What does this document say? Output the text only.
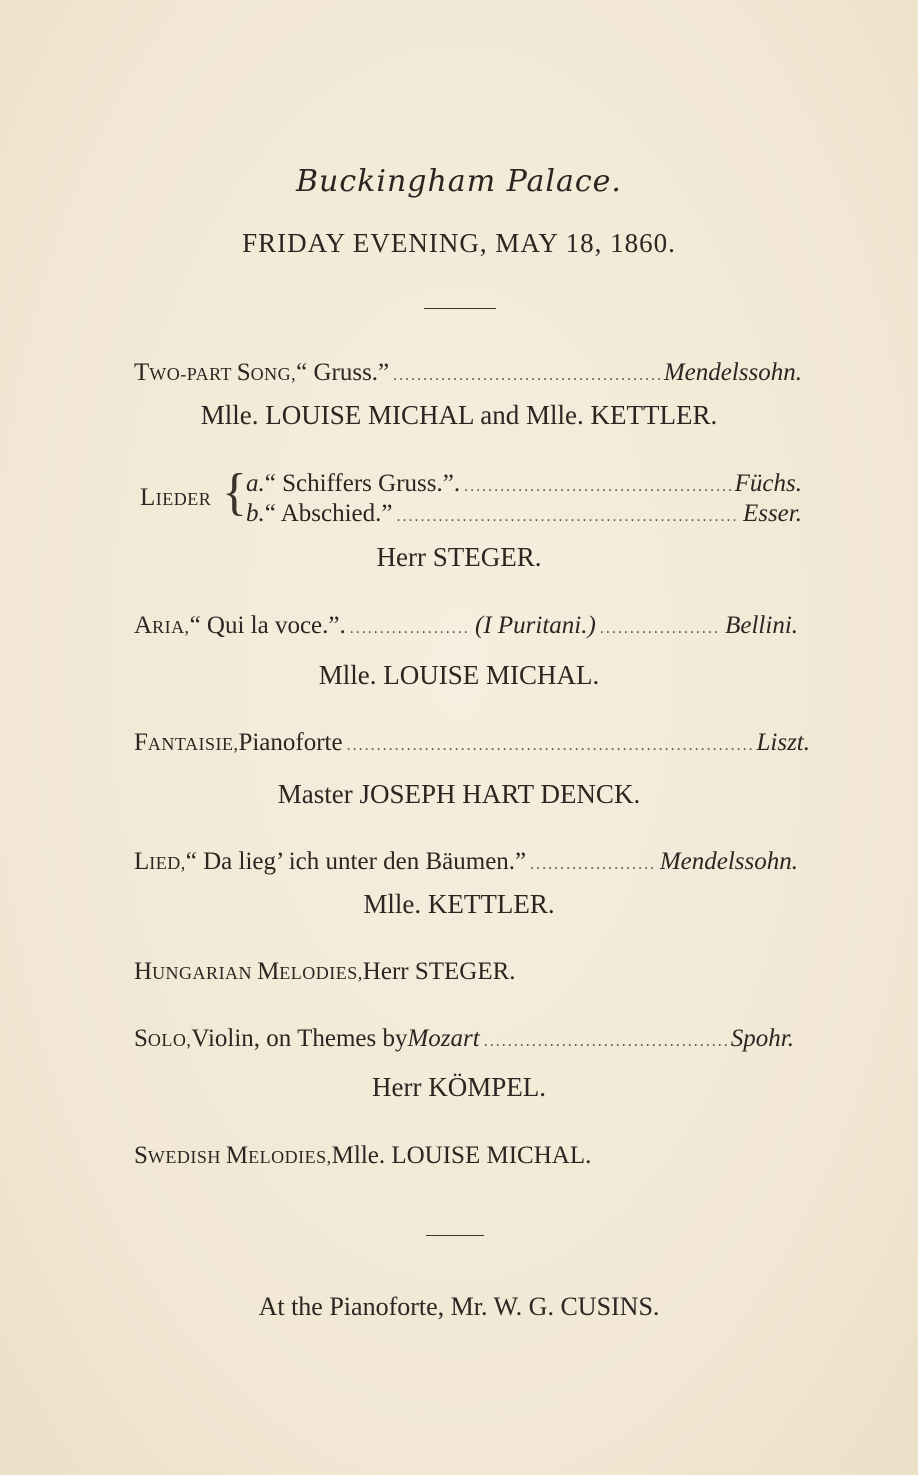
Buckingham Palace.
FRIDAY EVENING, MAY 18, 1860.
TWO-PART SONG, “ Gruss.” .....	Mendelssohn.
Mlle. LOUISE MICHAL and Mlle. KETTLER.
LIEDER { a. “ Schiffers Gruss.”. .....	Füchs.
b. “ Abschied.” .....	Esser.
Herr STEGER.
ARIA, “ Qui la voce.”. .....	(I Puritani.) .....	Bellini.
Mlle. LOUISE MICHAL.
FANTAISIE, Pianoforte .....	Liszt.
Master JOSEPH HART DENCK.
LIED, “ Da lieg’ ich unter den Bäumen.” .....	Mendelssohn.
Mlle. KETTLER.
HUNGARIAN MELODIES, Herr STEGER.
SOLO, Violin, on Themes by Mozart .....	Spohr.
Herr KÖMPEL.
SWEDISH MELODIES, Mlle. LOUISE MICHAL.
At the Pianoforte, Mr. W. G. CUSINS.
